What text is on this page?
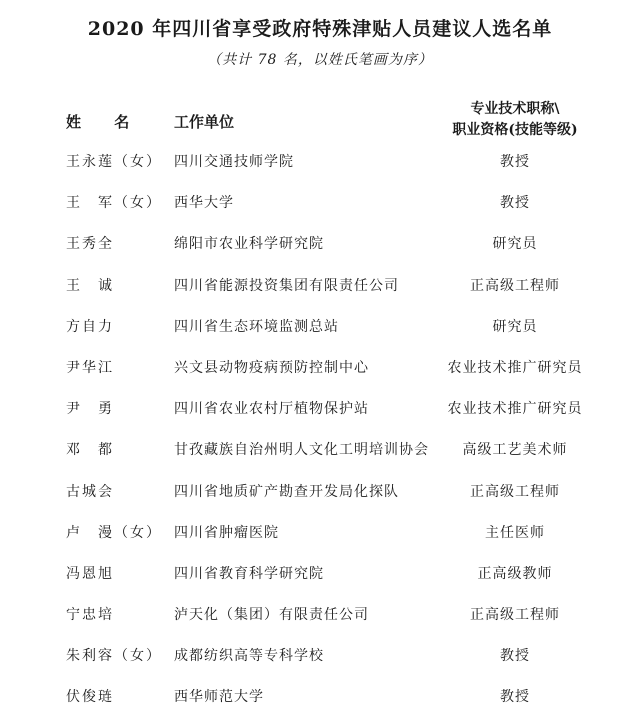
2020 年四川省享受政府特殊津贴人员建议人选名单
（共计 78 名，以姓氏笔画为序）
姓 名 工作单位
专业技术职称\
职业资格(技能等级)
王永莲（女） 四川交通技师学院	教授
王　军（女） 西华大学	教授
王秀全	绵阳市农业科学研究院	研究员
王　诚	四川省能源投资集团有限责任公司	正高级工程师
方自力	四川省生态环境监测总站	研究员
尹华江	兴文县动物疫病预防控制中心	农业技术推广研究员
尹　勇	四川省农业农村厅植物保护站	农业技术推广研究员
邓　都	甘孜藏族自治州明人文化工明培训协会	高级工艺美术师
古城会	四川省地质矿产勘查开发局化探队	正高级工程师
卢　漫（女） 四川省肿瘤医院	主任医师
冯恩旭	四川省教育科学研究院	正高级教师
宁忠培	泸天化（集团）有限责任公司	正高级工程师
朱利容（女） 成都纺织高等专科学校	教授
伏俊琏	西华师范大学	教授
